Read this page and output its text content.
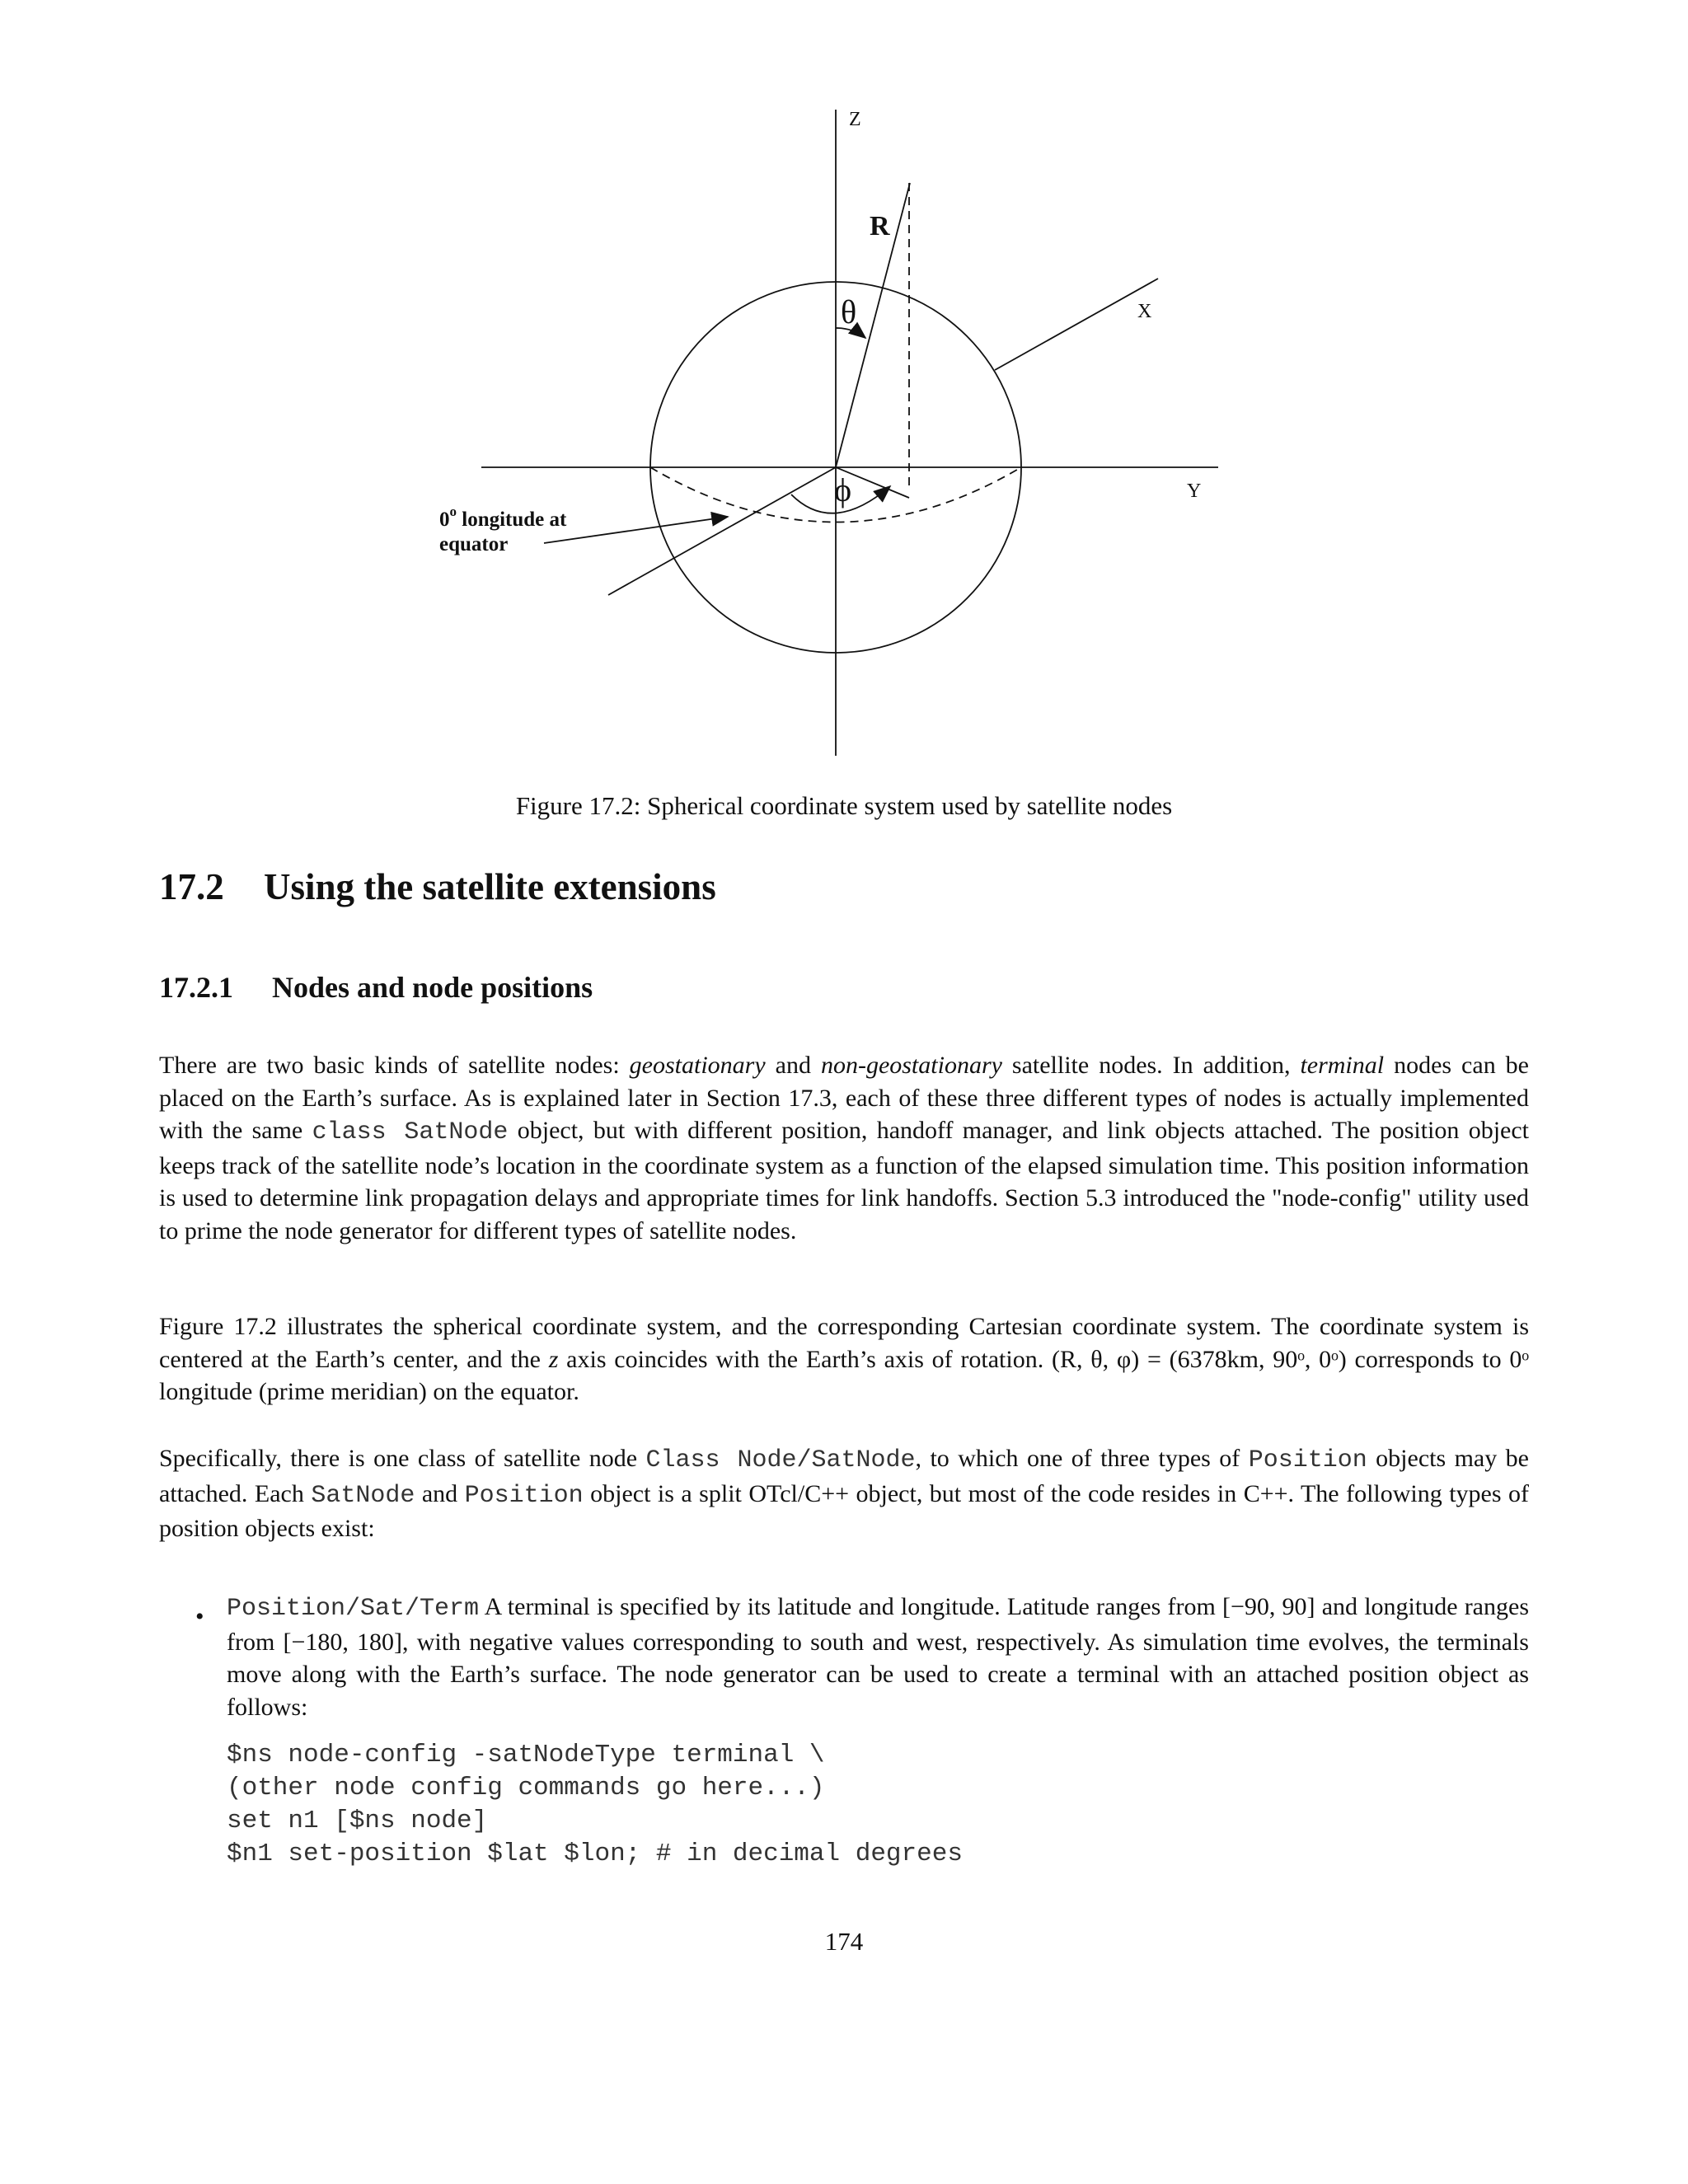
Z
R
θ	X
ϕ	Y
0$^o$ longitude at
equator
Figure 17.2: Spherical coordinate system used by satellite nodes
17.2 Using the satellite extensions
17.2.1 Nodes and node positions

There are two basic kinds of satellite nodes: geostationary and non-geostationary satellite nodes. In addition, terminal nodes can be placed on the Earth’s surface. As is explained later in Section 17.3, each of these three different types of nodes is actually implemented with the same class SatNode object, but with different position, handoff manager, and link objects attached. The position object keeps track of the satellite node’s location in the coordinate system as a function of the elapsed simulation time. This position information is used to determine link propagation delays and appropriate times for link handoffs. Section 5.3 introduced the "node-config" utility used to prime the node generator for different types of satellite nodes.

Figure 17.2 illustrates the spherical coordinate system, and the corresponding Cartesian coordinate system. The coordinate system is centered at the Earth’s center, and the z axis coincides with the Earth’s axis of rotation. (R, θ, φ) = (6378km, 90ᵒ, 0ᵒ) corresponds to 0ᵒ longitude (prime meridian) on the equator.

Specifically, there is one class of satellite node Class Node/SatNode, to which one of three types of Position objects may be attached. Each SatNode and Position object is a split OTcl/C++ object, but most of the code resides in C++. The following types of position objects exist:

• Position/Sat/Term A terminal is specified by its latitude and longitude. Latitude ranges from [−90, 90] and longitude ranges from [−180, 180], with negative values corresponding to south and west, respectively. As simulation time evolves, the terminals move along with the Earth’s surface. The node generator can be used to create a terminal with an attached position object as follows:

$ns node-config -satNodeType terminal \
(other node config commands go here...)
set n1 [$ns node]
$n1 set-position $lat $lon; # in decimal degrees
174
